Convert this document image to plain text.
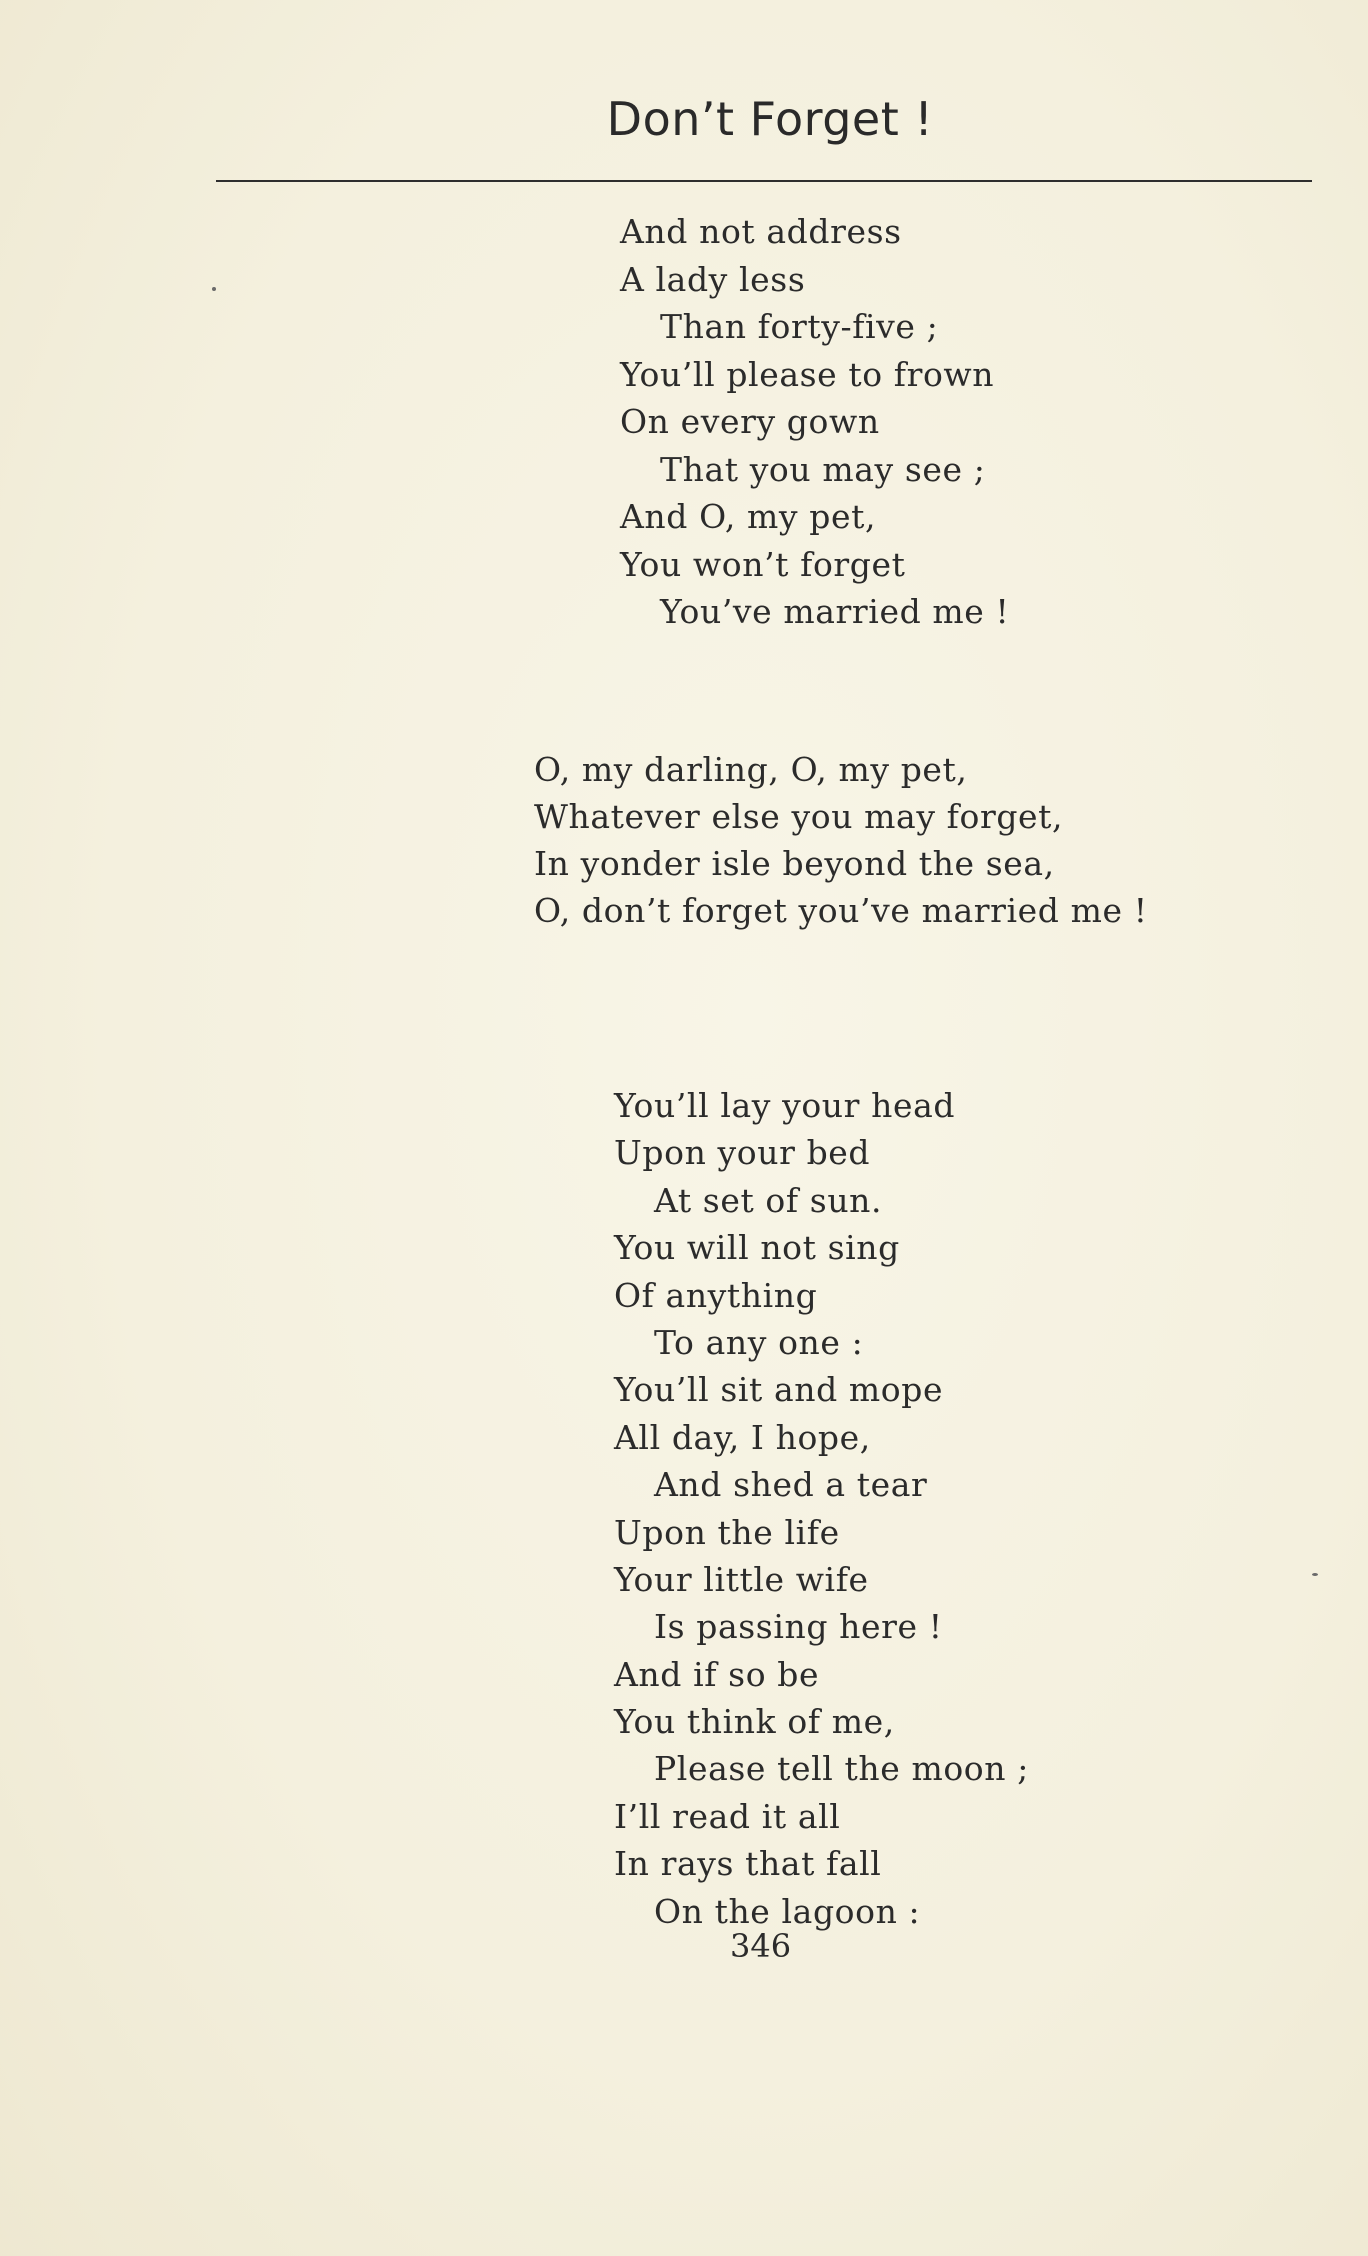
Don’t Forget !
And not address
A lady less
Than forty-five ;
You’ll please to frown
On every gown
That you may see ;
And O, my pet,
You won’t forget
You’ve married me !
O, my darling, O, my pet,
Whatever else you may forget,
In yonder isle beyond the sea,
O, don’t forget you’ve married me !
You’ll lay your head
Upon your bed
At set of sun.
You will not sing
Of anything
To any one :
You’ll sit and mope
All day, I hope,
And shed a tear
Upon the life
Your little wife
Is passing here !
And if so be
You think of me,
Please tell the moon ;
I’ll read it all
In rays that fall
On the lagoon :
346
